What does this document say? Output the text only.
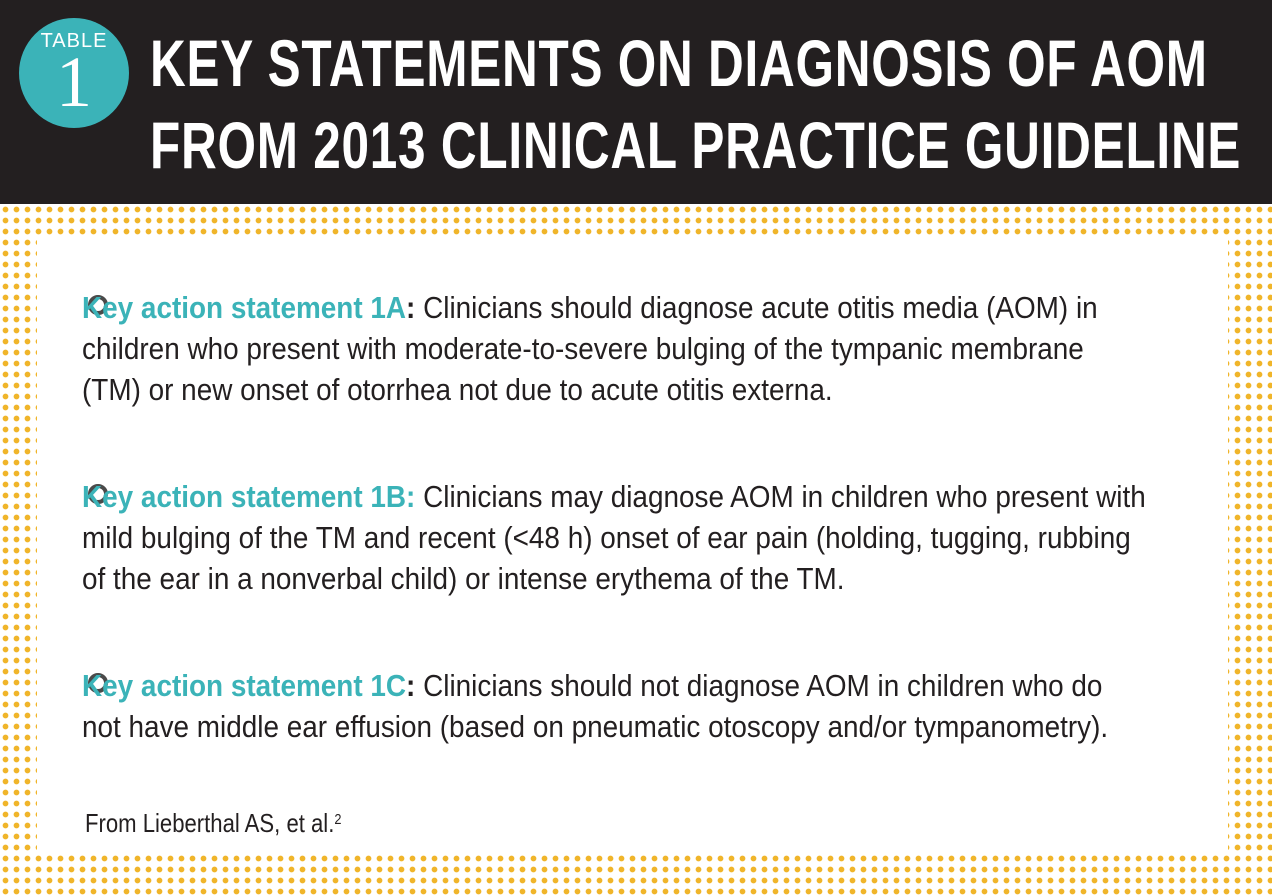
TABLE
1 KEY STATEMENTS ON DIAGNOSIS OF AOM
FROM 2013 CLINICAL PRACTICE GUIDELINE

Key action statement 1A: Clinicians should diagnose acute otitis media (AOM) in children who present with moderate-to-severe bulging of the tympanic membrane (TM) or new onset of otorrhea not due to acute otitis externa.

Key action statement 1B: Clinicians may diagnose AOM in children who present with mild bulging of the TM and recent (<48 h) onset of ear pain (holding, tugging, rubbing of the ear in a nonverbal child) or intense erythema of the TM.

Key action statement 1C: Clinicians should not diagnose AOM in children who do not have middle ear effusion (based on pneumatic otoscopy and/or tympanometry).

From Lieberthal AS, et al.$^2$
